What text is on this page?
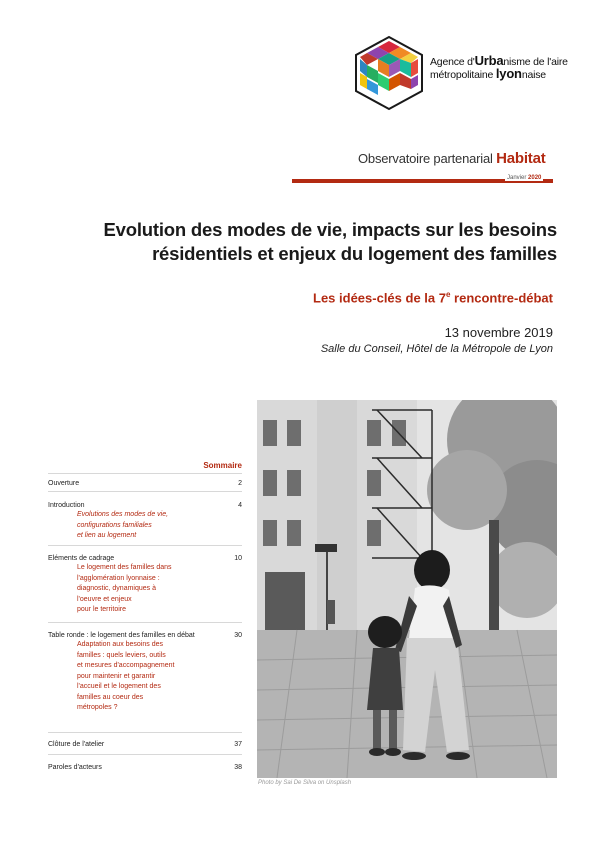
Agence d'Urbanisme de l'aire
métropolitaine lyonnaise
Observatoire partenarial Habitat
Janvier 2020
Evolution des modes de vie, impacts sur les besoins
résidentiels et enjeux du logement des familles
Les idées-clés de la 7e rencontre-débat
13 novembre 2019
Salle du Conseil, Hôtel de la Métropole de Lyon
Photo by Sai De Silva on Unsplash
Sommaire
Ouverture	2
Introduction	4
Evolutions des modes de vie,
configurations familiales
et lien au logement
Eléments de cadrage	10
Le logement des familles dans
l'agglomération lyonnaise :
diagnostic, dynamiques à
l'oeuvre et enjeux
pour le territoire
Table ronde : le logement des familles en débat	30
Adaptation aux besoins des
familles : quels leviers, outils
et mesures d'accompagnement
pour maintenir et garantir
l'accueil et le logement des
familles au coeur des
métropoles ?
Clôture de l'atelier	37
Paroles d'acteurs	38
